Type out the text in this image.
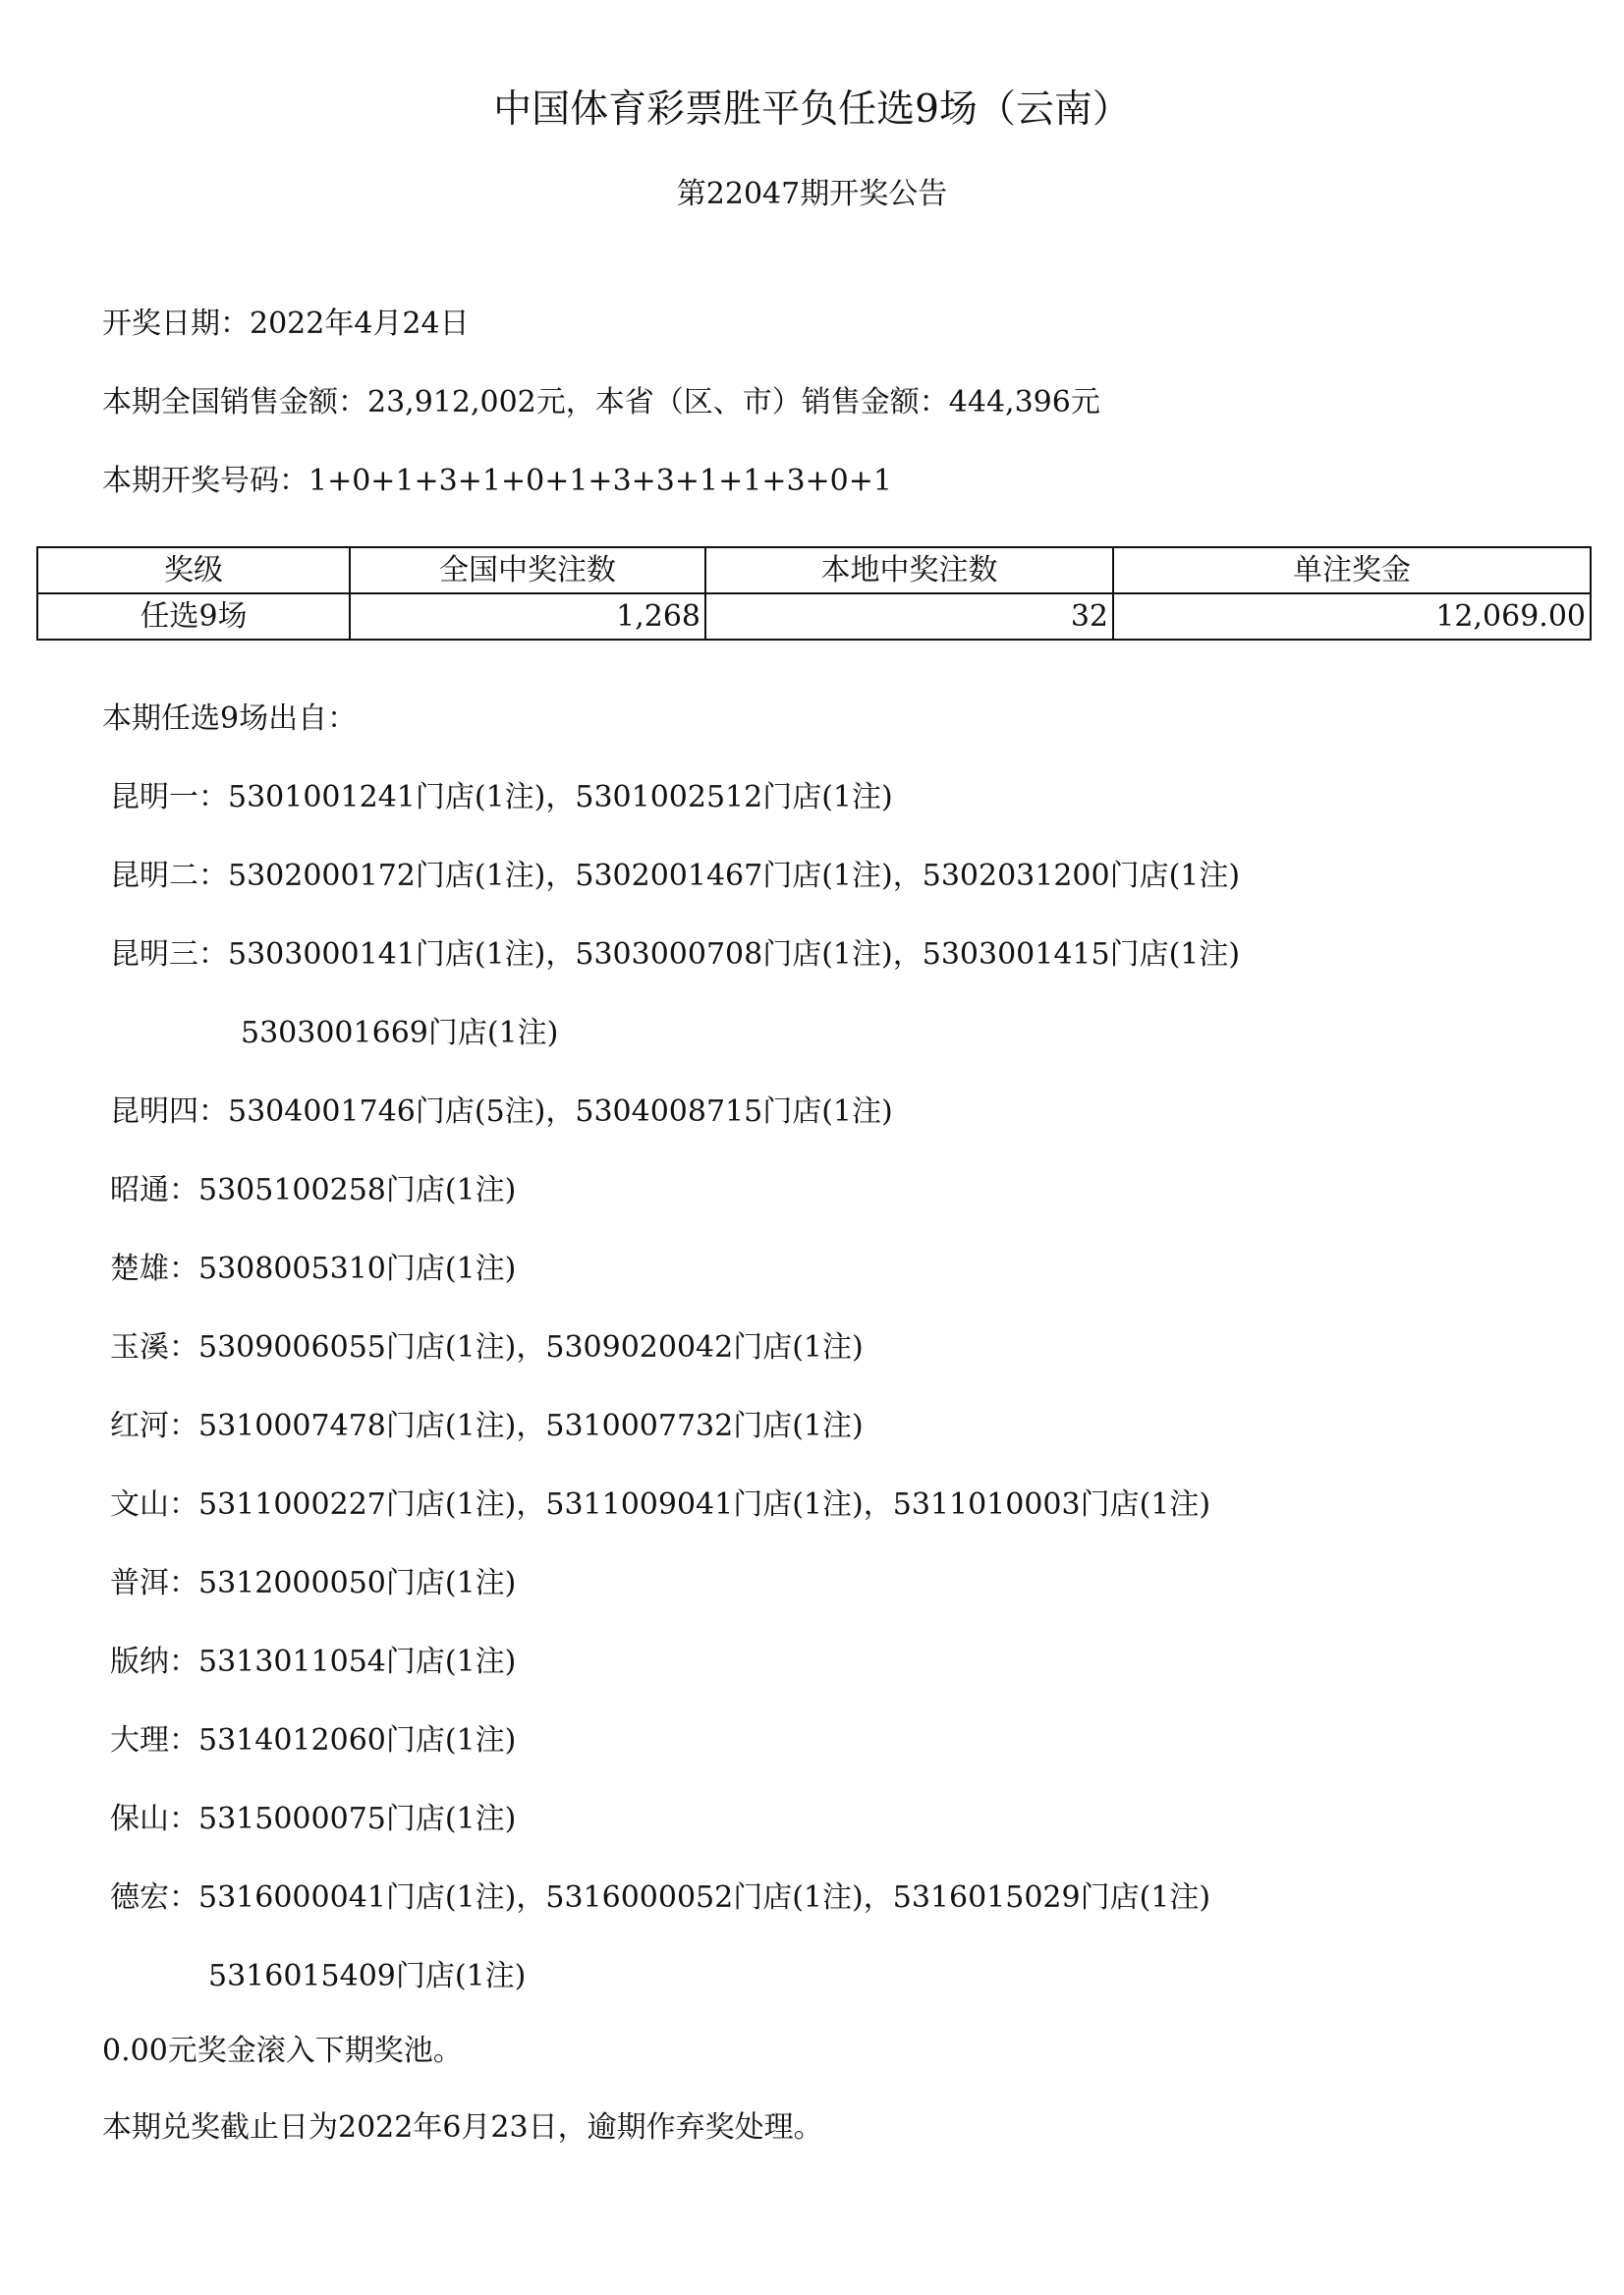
中国体育彩票胜平负任选9场（云南）
第22047期开奖公告
开奖日期：2022年4月24日
本期全国销售金额：23,912,002元，本省（区、市）销售金额：444,396元
本期开奖号码：1+0+1+3+1+0+1+3+3+1+1+3+0+1
奖级	全国中奖注数	本地中奖注数	单注奖金
任选9场	1,268	32	12,069.00
本期任选9场出自：
昆明一：5301001241门店(1注)，5301002512门店(1注)
昆明二：5302000172门店(1注)，5302001467门店(1注)，5302031200门店(1注)
昆明三：5303000141门店(1注)，5303000708门店(1注)，5303001415门店(1注)
5303001669门店(1注)
昆明四：5304001746门店(5注)，5304008715门店(1注)
昭通：5305100258门店(1注)
楚雄：5308005310门店(1注)
玉溪：5309006055门店(1注)，5309020042门店(1注)
红河：5310007478门店(1注)，5310007732门店(1注)
文山：5311000227门店(1注)，5311009041门店(1注)，5311010003门店(1注)
普洱：5312000050门店(1注)
版纳：5313011054门店(1注)
大理：5314012060门店(1注)
保山：5315000075门店(1注)
德宏：5316000041门店(1注)，5316000052门店(1注)，5316015029门店(1注)
5316015409门店(1注)
0.00元奖金滚入下期奖池。
本期兑奖截止日为2022年6月23日，逾期作弃奖处理。
